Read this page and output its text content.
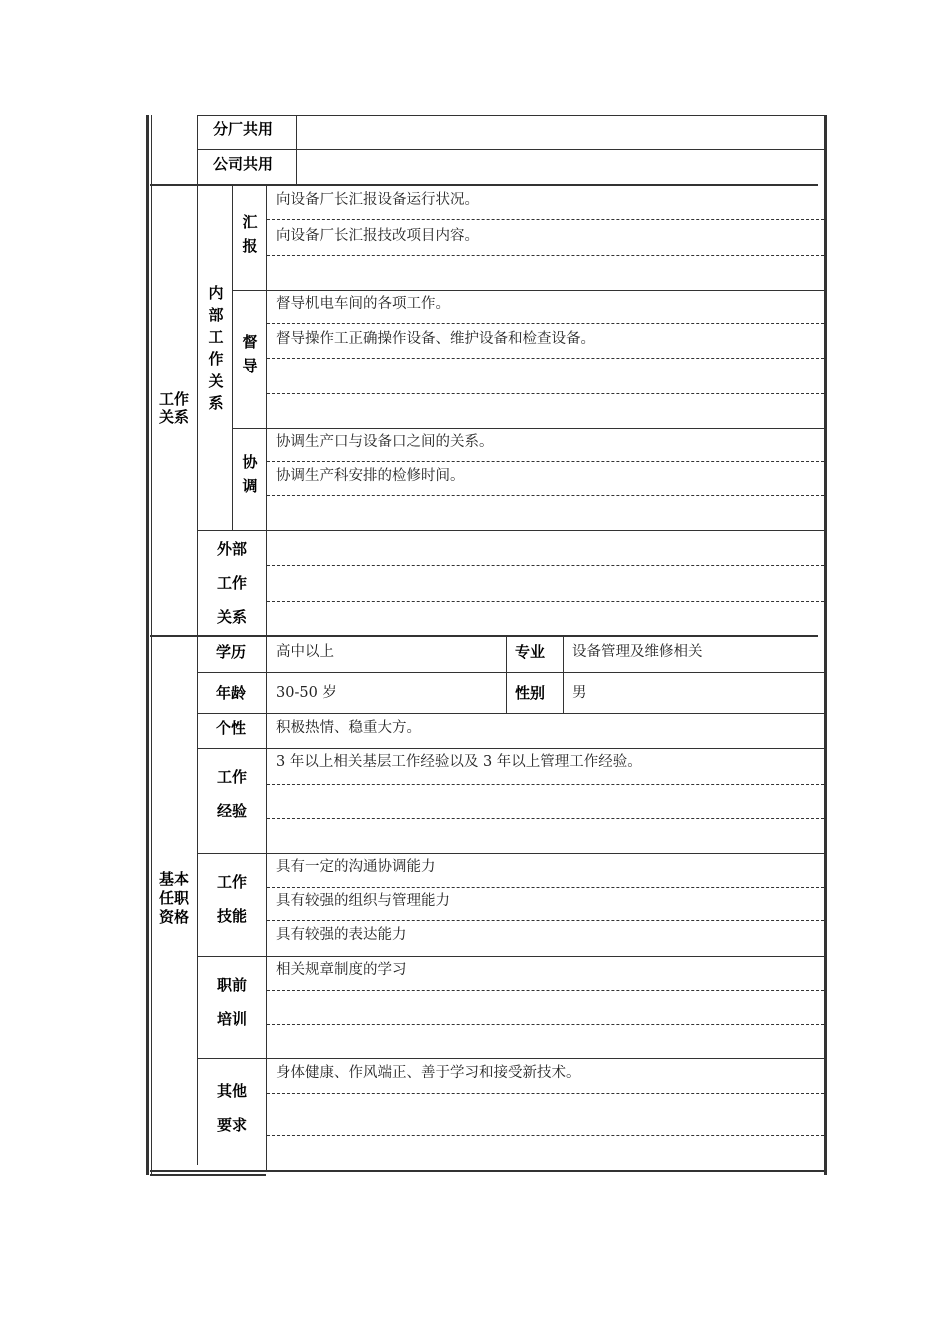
分厂共用
公司共用
工作
关系
内
部
工
作
关
系
汇
报
向设备厂长汇报设备运行状况。
向设备厂长汇报技改项目内容。
督
导
督导机电车间的各项工作。
督导操作工正确操作设备、维护设备和检查设备。
协
调
协调生产口与设备口之间的关系。
协调生产科安排的检修时间。
外部
工作
关系
基本
任职
资格
学历 高中以上	专业 设备管理及维修相关
年龄 30-50 岁	性别 男
个性 积极热情、稳重大方。
工作
经验
3 年以上相关基层工作经验以及 3 年以上管理工作经验。
工作
技能
具有一定的沟通协调能力
具有较强的组织与管理能力
具有较强的表达能力
职前
培训
相关规章制度的学习
其他
要求
身体健康、作风端正、善于学习和接受新技术。
